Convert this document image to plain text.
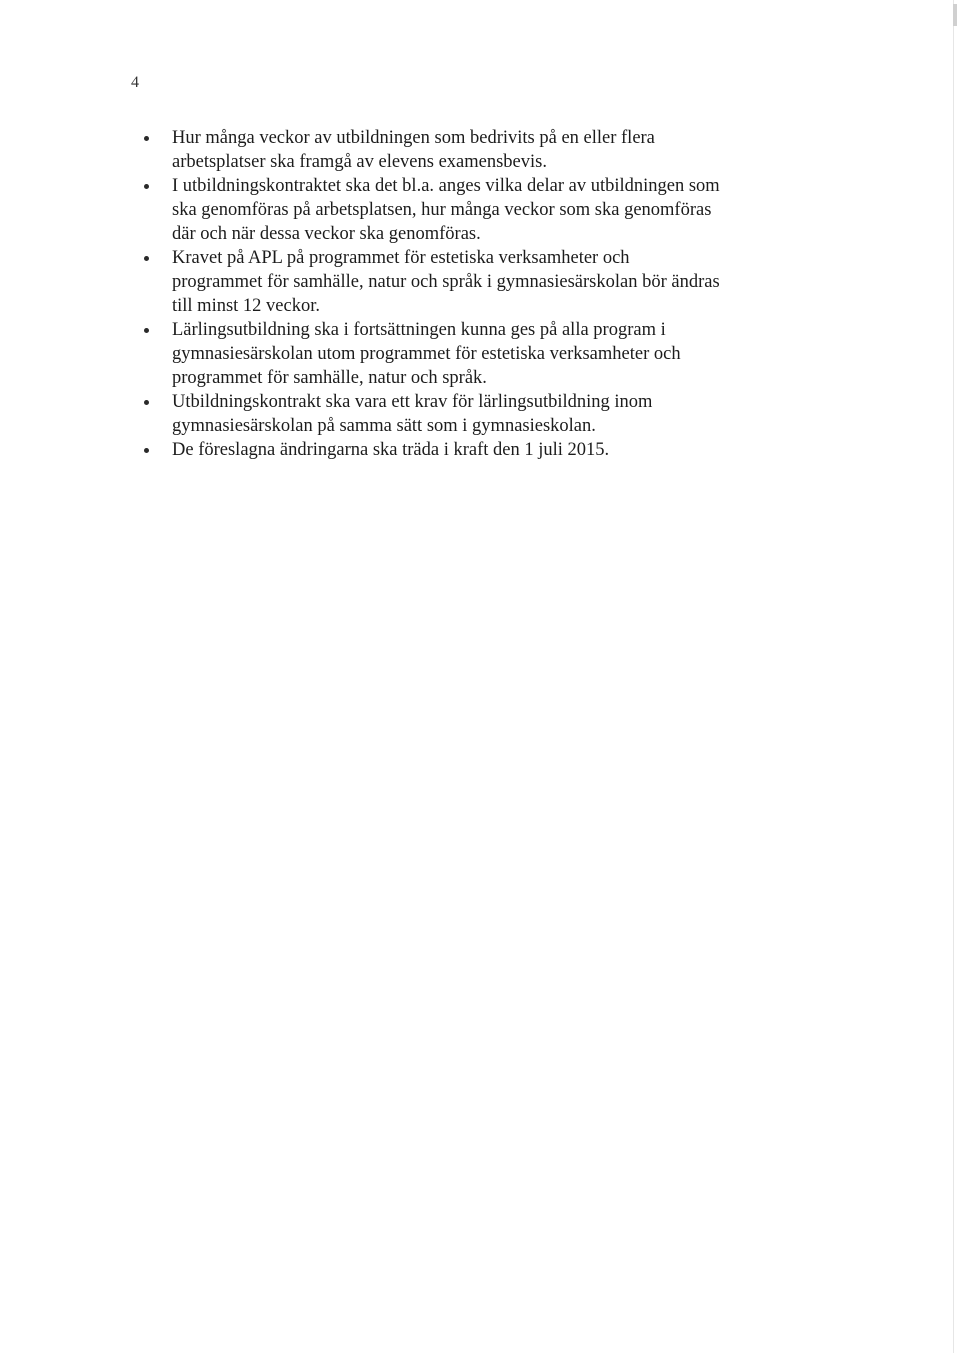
4
Hur många veckor av utbildningen som bedrivits på en eller flera arbetsplatser ska framgå av elevens examensbevis.
I utbildningskontraktet ska det bl.a. anges vilka delar av utbildningen som ska genomföras på arbetsplatsen, hur många veckor som ska genomföras där och när dessa veckor ska genomföras.
Kravet på APL på programmet för estetiska verksamheter och programmet för samhälle, natur och språk i gymnasiesärskolan bör ändras till minst 12 veckor.
Lärlingsutbildning ska i fortsättningen kunna ges på alla program i gymnasiesärskolan utom programmet för estetiska verksamheter och programmet för samhälle, natur och språk.
Utbildningskontrakt ska vara ett krav för lärlingsutbildning inom gymnasiesärskolan på samma sätt som i gymnasieskolan.
De föreslagna ändringarna ska träda i kraft den 1 juli 2015.
